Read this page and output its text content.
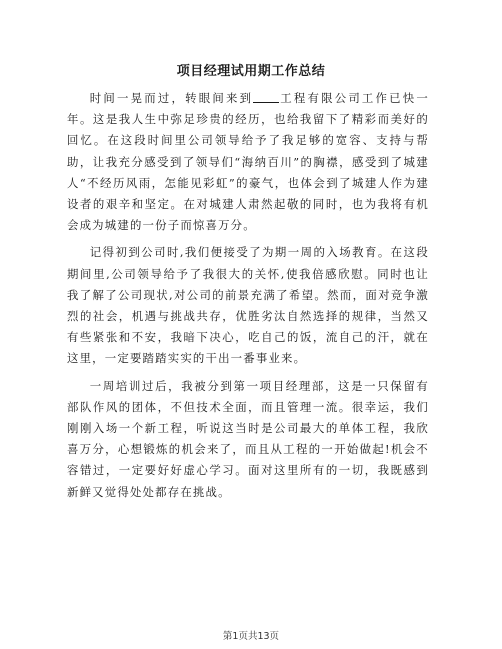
项目经理试用期工作总结

时间一晃而过，转眼间来到 工程有限公司工作已快一年。这是我人生中弥足珍贵的经历，也给我留下了精彩而美好的回忆。在这段时间里公司领导给予了我足够的宽容、支持与帮助，让我充分感受到了领导们“海纳百川”的胸襟，感受到了城建人“不经历风雨，怎能见彩虹”的豪气，也体会到了城建人作为建设者的艰辛和坚定。在对城建人肃然起敬的同时，也为我将有机会成为城建的一份子而惊喜万分。

记得初到公司时,我们便接受了为期一周的入场教育。在这段期间里,公司领导给予了我很大的关怀,使我倍感欣慰。同时也让我了解了公司现状,对公司的前景充满了希望。然而，面对竞争激烈的社会，机遇与挑战共存，优胜劣汰自然选择的规律，当然又有些紧张和不安，我暗下决心，吃自己的饭，流自己的汗，就在这里，一定要踏踏实实的干出一番事业来。

一周培训过后，我被分到第一项目经理部，这是一只保留有部队作风的团体，不但技术全面，而且管理一流。很幸运，我们刚刚入场一个新工程，听说这当时是公司最大的单体工程，我欣喜万分，心想锻炼的机会来了，而且从工程的一开始做起!机会不容错过，一定要好好虚心学习。面对这里所有的一切，我既感到新鲜又觉得处处都存在挑战。

第1页共13页
